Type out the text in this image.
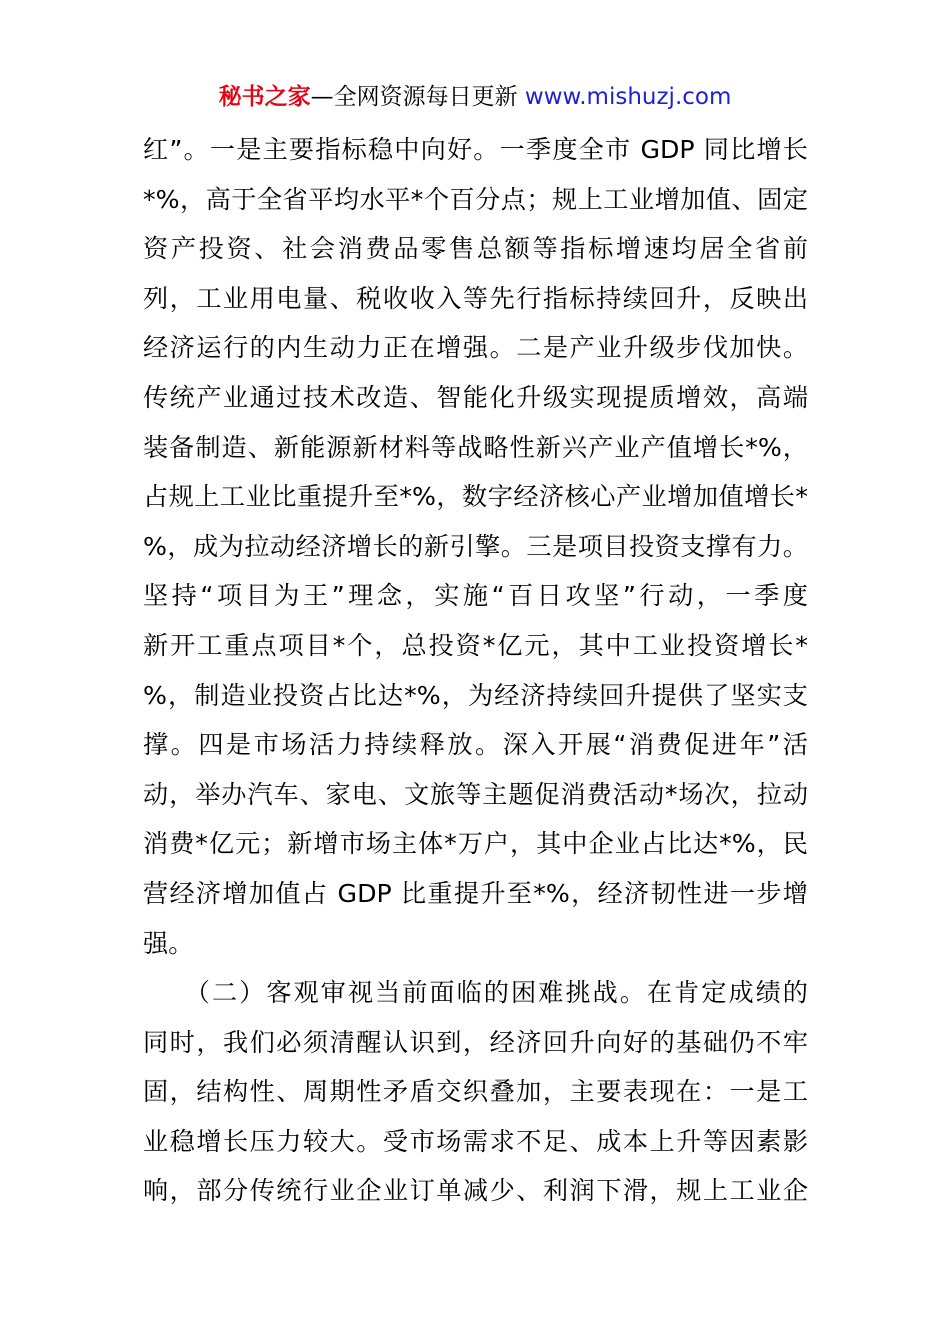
秘书之家—全网资源每日更新 www.mishuzj.com
红”。一是主要指标稳中向好。一季度全市 GDP 同比增长
*%，高于全省平均水平*个百分点；规上工业增加值、固定
资产投资、社会消费品零售总额等指标增速均居全省前
列，工业用电量、税收收入等先行指标持续回升，反映出
经济运行的内生动力正在增强。二是产业升级步伐加快。
传统产业通过技术改造、智能化升级实现提质增效，高端
装备制造、新能源新材料等战略性新兴产业产值增长*%，
占规上工业比重提升至*%，数字经济核心产业增加值增长*
%，成为拉动经济增长的新引擎。三是项目投资支撑有力。
坚持“项目为王”理念，实施“百日攻坚”行动，一季度
新开工重点项目*个，总投资*亿元，其中工业投资增长*
%，制造业投资占比达*%，为经济持续回升提供了坚实支
撑。四是市场活力持续释放。深入开展“消费促进年”活
动，举办汽车、家电、文旅等主题促消费活动*场次，拉动
消费*亿元；新增市场主体*万户，其中企业占比达*%，民
营经济增加值占 GDP 比重提升至*%，经济韧性进一步增
强。
　　（二）客观审视当前面临的困难挑战。在肯定成绩的
同时，我们必须清醒认识到，经济回升向好的基础仍不牢
固，结构性、周期性矛盾交织叠加，主要表现在：一是工
业稳增长压力较大。受市场需求不足、成本上升等因素影
响，部分传统行业企业订单减少、利润下滑，规上工业企
